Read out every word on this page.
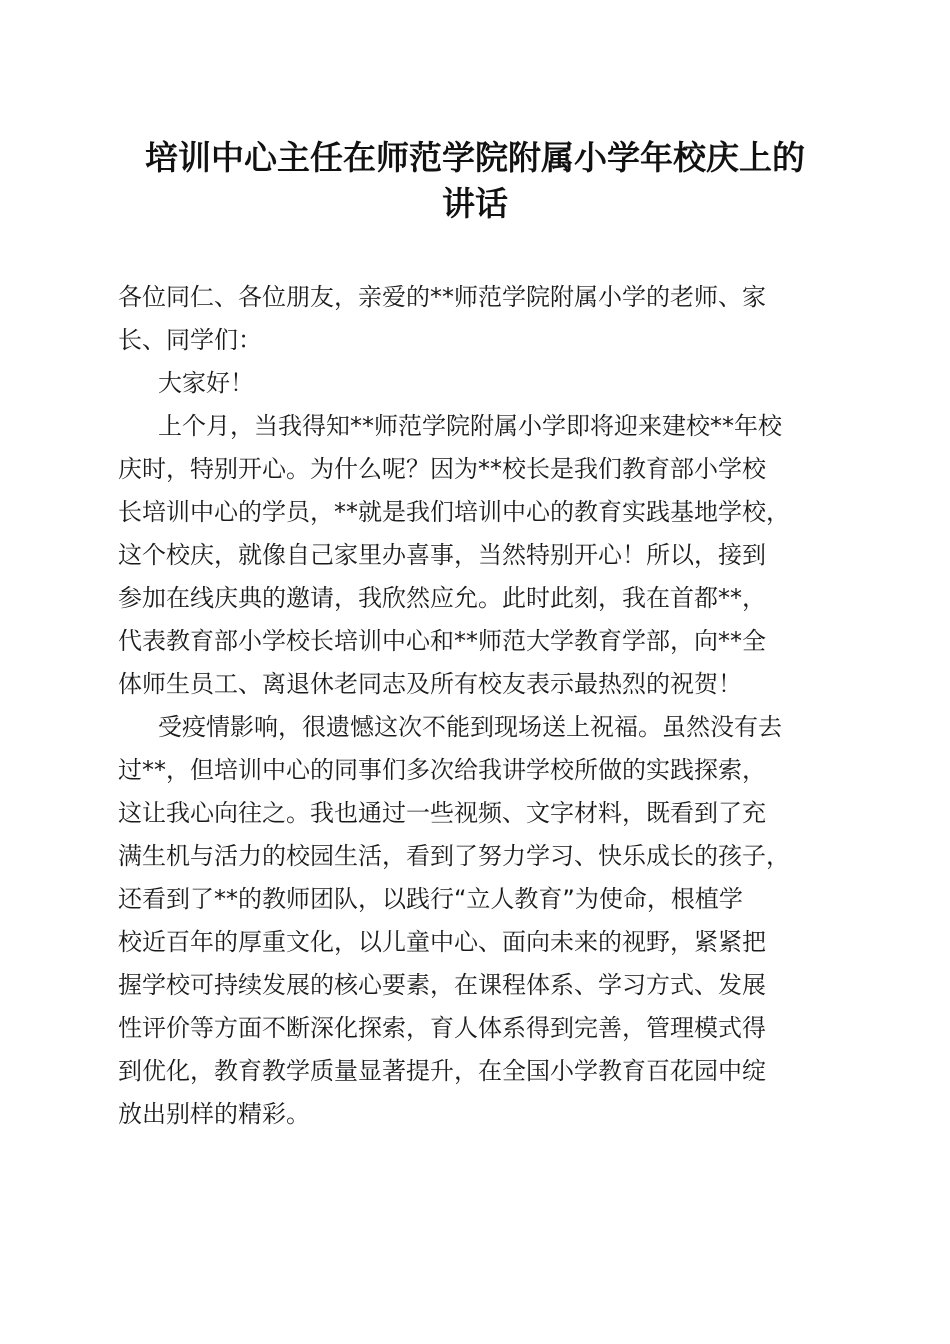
培训中心主任在师范学院附属小学年校庆上的
讲话
各位同仁、各位朋友，亲爱的**师范学院附属小学的老师、家
长、同学们：
大家好！
上个月，当我得知**师范学院附属小学即将迎来建校**年校
庆时，特别开心。为什么呢？因为**校长是我们教育部小学校
长培训中心的学员，**就是我们培训中心的教育实践基地学校，
这个校庆，就像自己家里办喜事，当然特别开心！所以，接到
参加在线庆典的邀请，我欣然应允。此时此刻，我在首都**，
代表教育部小学校长培训中心和**师范大学教育学部，向**全
体师生员工、离退休老同志及所有校友表示最热烈的祝贺！
受疫情影响，很遗憾这次不能到现场送上祝福。虽然没有去
过**，但培训中心的同事们多次给我讲学校所做的实践探索，
这让我心向往之。我也通过一些视频、文字材料，既看到了充
满生机与活力的校园生活，看到了努力学习、快乐成长的孩子，
还看到了**的教师团队，以践行“立人教育”为使命，根植学
校近百年的厚重文化，以儿童中心、面向未来的视野，紧紧把
握学校可持续发展的核心要素，在课程体系、学习方式、发展
性评价等方面不断深化探索，育人体系得到完善，管理模式得
到优化，教育教学质量显著提升，在全国小学教育百花园中绽
放出别样的精彩。
